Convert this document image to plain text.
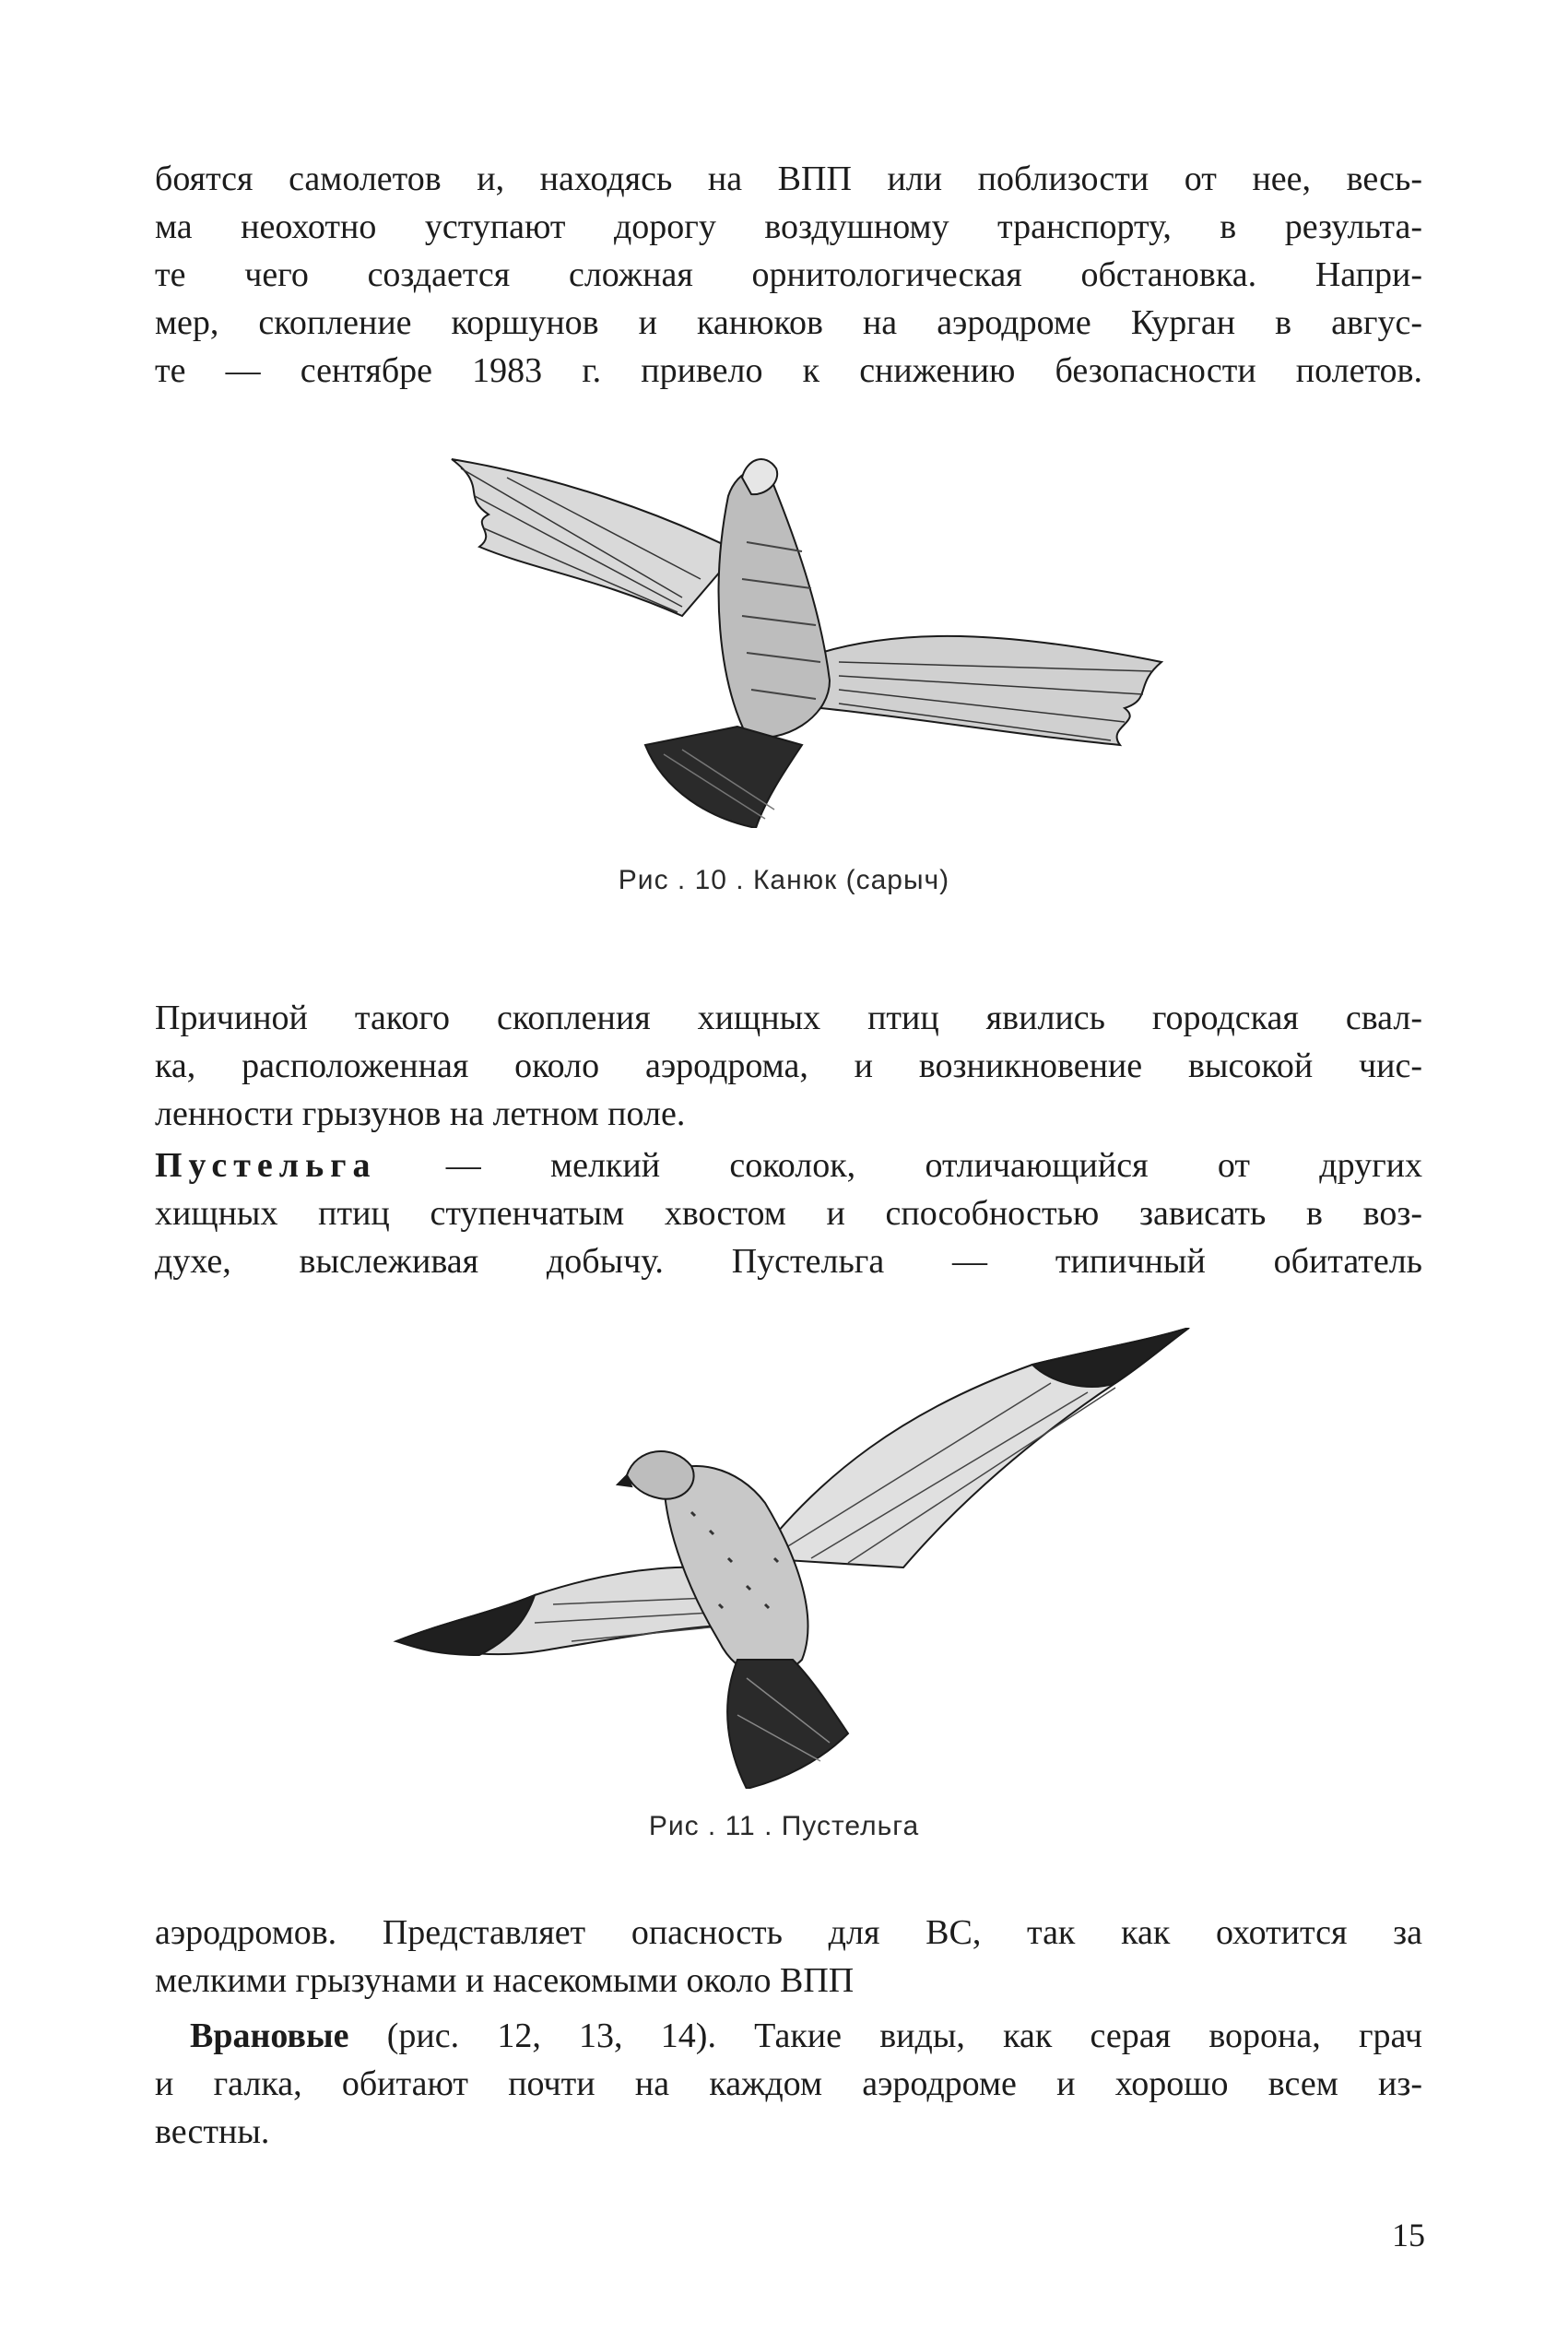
боятся самолетов и, находясь на ВПП или поблизости от нее, весь-
ма неохотно уступают дорогу воздушному транспорту, в результа-
те чего создается сложная орнитологическая обстановка. Напри-
мер, скопление коршунов и канюков на аэродроме Курган в авгус-
те — сентябре 1983 г. привело к снижению безопасности полетов.
Рис . 10 . Канюк (сарыч)
Причиной такого скопления хищных птиц явились городская свал-
ка, расположенная около аэродрома, и возникновение высокой чис-
ленности грызунов на летном поле.
Пустельга — мелкий соколок, отличающийся от других
хищных птиц ступенчатым хвостом и способностью зависать в воз-
духе, выслеживая добычу. Пустельга — типичный обитатель
Рис . 11 . Пустельга
аэродромов. Представляет опасность для ВС, так как охотится за
мелкими грызунами и насекомыми около ВПП
 Врановые (рис. 12, 13, 14). Такие виды, как серая ворона, грач
и галка, обитают почти на каждом аэродроме и хорошо всем из-
вестны.
15
